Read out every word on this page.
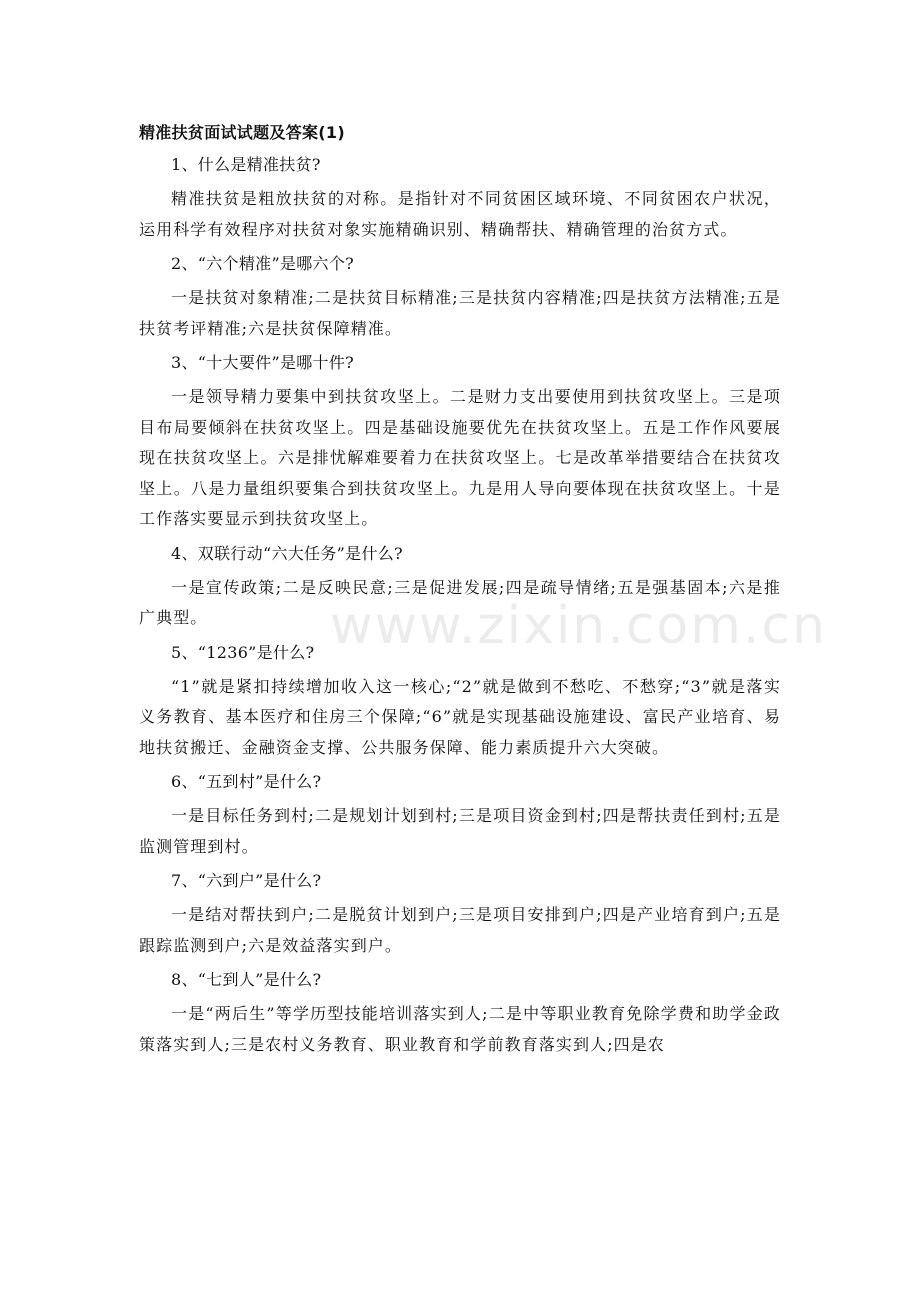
精准扶贫面试试题及答案(1)

1、什么是精准扶贫?

精准扶贫是粗放扶贫的对称。是指针对不同贫困区域环境、不同贫困农户状况，运用科学有效程序对扶贫对象实施精确识别、精确帮扶、精确管理的治贫方式。

2、“六个精准”是哪六个?

一是扶贫对象精准;二是扶贫目标精准;三是扶贫内容精准;四是扶贫方法精准;五是扶贫考评精准;六是扶贫保障精准。

3、“十大要件”是哪十件?

一是领导精力要集中到扶贫攻坚上。二是财力支出要使用到扶贫攻坚上。三是项目布局要倾斜在扶贫攻坚上。四是基础设施要优先在扶贫攻坚上。五是工作作风要展现在扶贫攻坚上。六是排忧解难要着力在扶贫攻坚上。七是改革举措要结合在扶贫攻坚上。八是力量组织要集合到扶贫攻坚上。九是用人导向要体现在扶贫攻坚上。十是工作落实要显示到扶贫攻坚上。

4、双联行动“六大任务”是什么?

一是宣传政策;二是反映民意;三是促进发展;四是疏导情绪;五是强基固本;六是推广典型。

5、“1236”是什么?

“1”就是紧扣持续增加收入这一核心;“2”就是做到不愁吃、不愁穿;“3”就是落实义务教育、基本医疗和住房三个保障;“6”就是实现基础设施建设、富民产业培育、易地扶贫搬迁、金融资金支撑、公共服务保障、能力素质提升六大突破。

6、“五到村”是什么?

一是目标任务到村;二是规划计划到村;三是项目资金到村;四是帮扶责任到村;五是监测管理到村。

7、“六到户”是什么?

一是结对帮扶到户;二是脱贫计划到户;三是项目安排到户;四是产业培育到户;五是跟踪监测到户;六是效益落实到户。

8、“七到人”是什么?

一是“两后生”等学历型技能培训落实到人;二是中等职业教育免除学费和助学金政策落实到人;三是农村义务教育、职业教育和学前教育落实到人;四是农

www.zixin.com.cn
